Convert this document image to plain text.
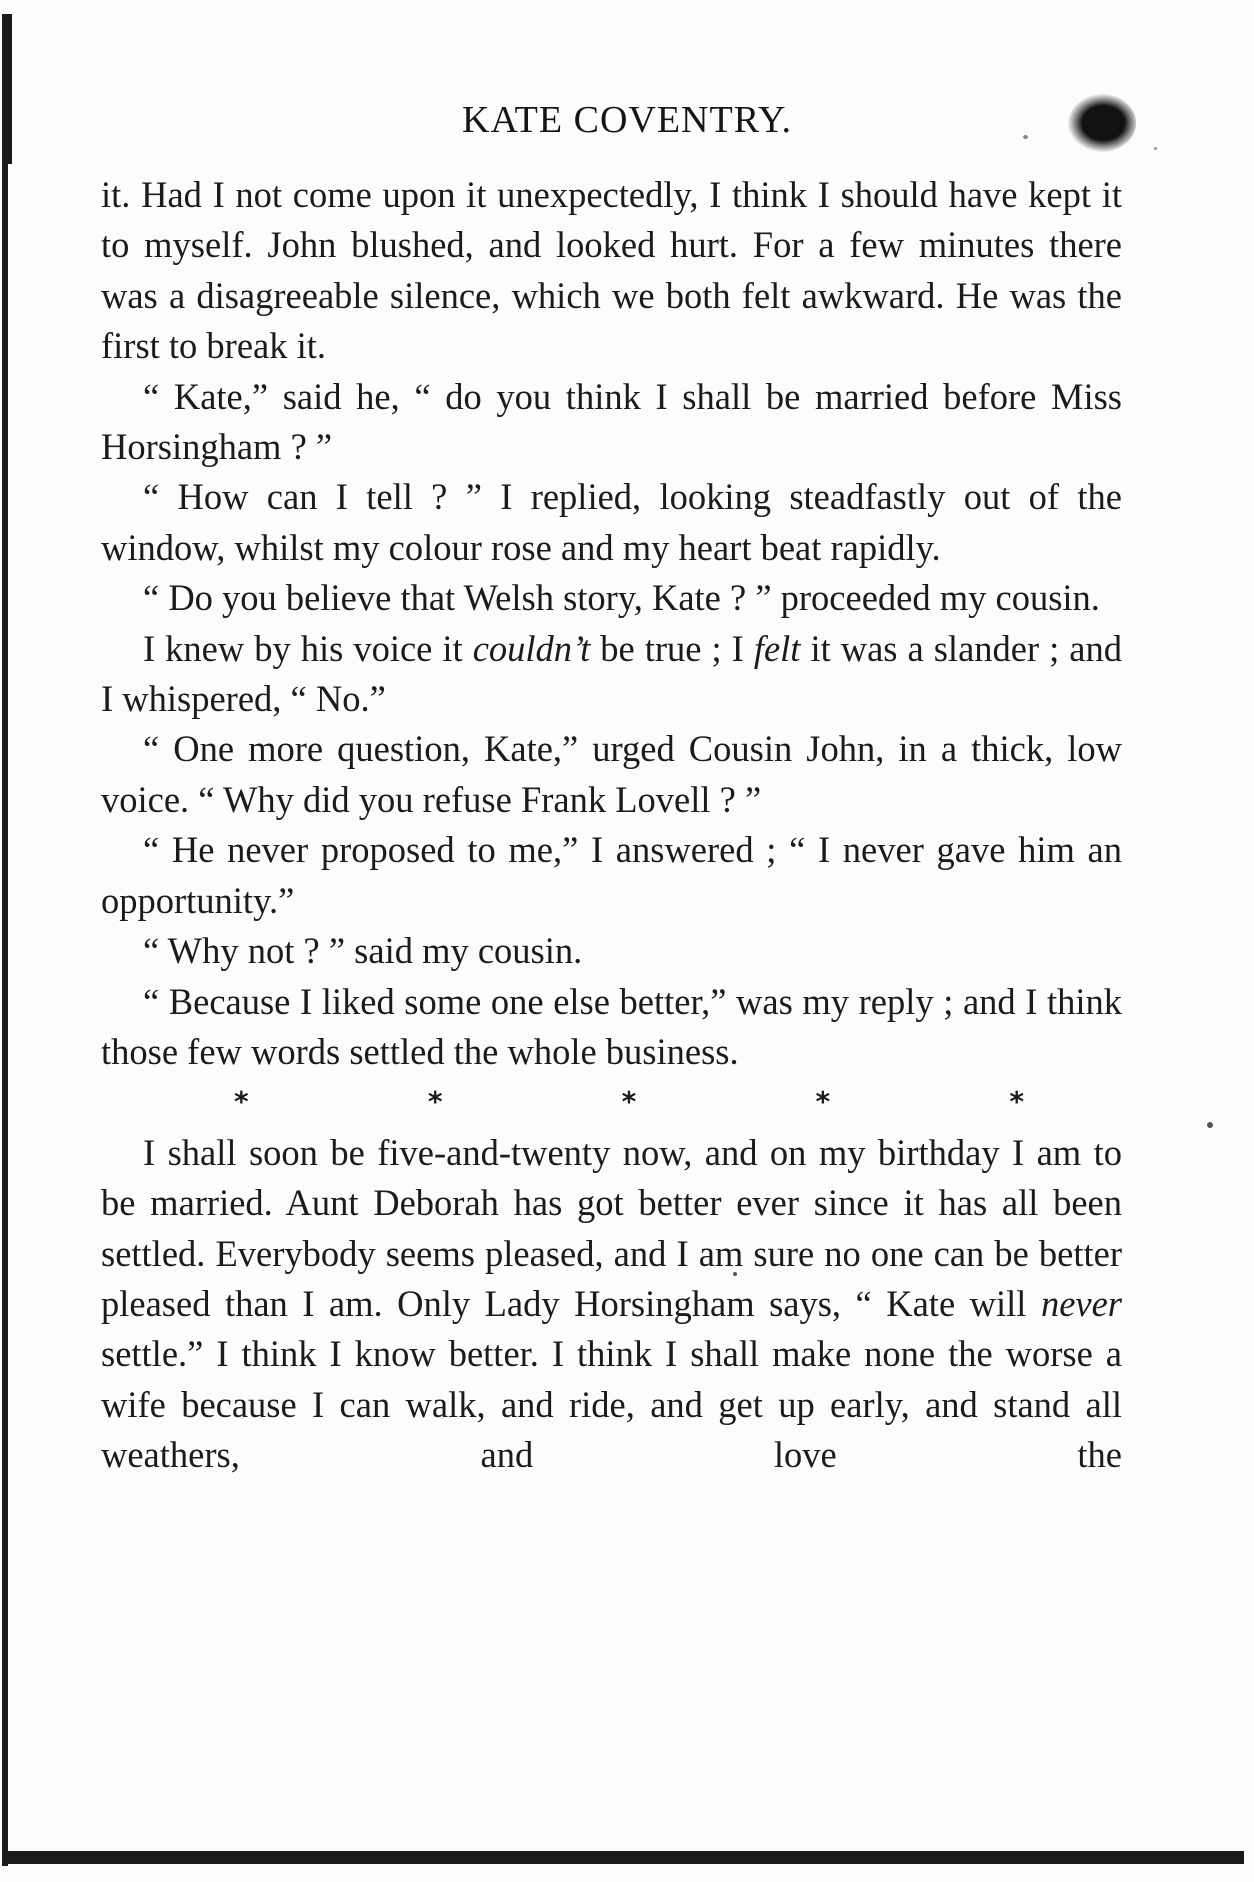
KATE COVENTRY.

it. Had I not come upon it unexpectedly, I think I should have kept it to myself. John blushed, and looked hurt. For a few minutes there was a disagreeable silence, which we both felt awkward. He was the first to break it.

“ Kate,” said he, “ do you think I shall be married before Miss Horsingham ? ”

“ How can I tell ? ” I replied, looking steadfastly out of the window, whilst my colour rose and my heart beat rapidly.

“ Do you believe that Welsh story, Kate ? ” proceeded my cousin.

I knew by his voice it couldn’t be true ; I felt it was a slander ; and I whispered, “ No.”

“ One more question, Kate,” urged Cousin John, in a thick, low voice. “ Why did you refuse Frank Lovell ? ”

“ He never proposed to me,” I answered ; “ I never gave him an opportunity.”

“ Why not ? ” said my cousin.

“ Because I liked some one else better,” was my reply ; and I think those few words settled the whole business.

*	*	*	*	*

I shall soon be five-and-twenty now, and on my birthday I am to be married. Aunt Deborah has got better ever since it has all been settled. Everybody seems pleased, and I am sure no one can be better pleased than I am. Only Lady Horsingham says, “ Kate will never settle.” I think I know better. I think I shall make none the worse a wife because I can walk, and ride, and get up early, and stand all weathers, and love the
